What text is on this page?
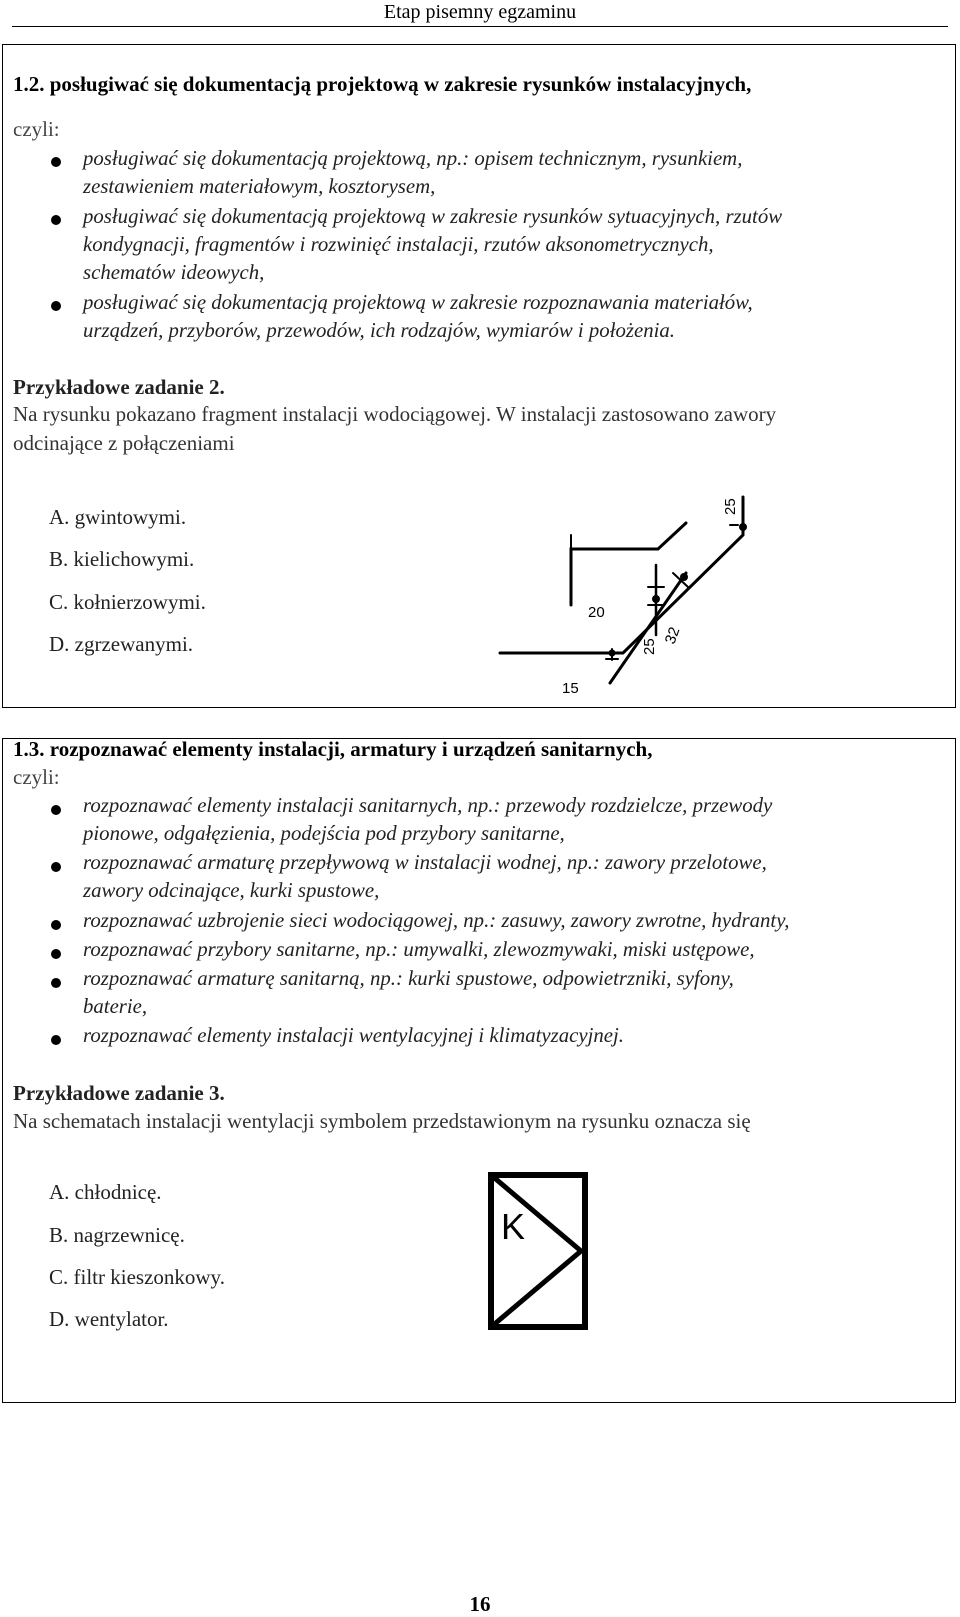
Etap pisemny egzaminu
1.2. posługiwać się dokumentacją projektową w zakresie rysunków instalacyjnych,
czyli:
posługiwać się dokumentacją projektową, np.: opisem technicznym, rysunkiem,
zestawieniem materiałowym, kosztorysem,
posługiwać się dokumentacją projektową w zakresie rysunków sytuacyjnych, rzutów
kondygnacji, fragmentów i rozwinięć instalacji, rzutów aksonometrycznych,
schematów ideowych,
posługiwać się dokumentacją projektową w zakresie rozpoznawania materiałów,
urządzeń, przyborów, przewodów, ich rodzajów, wymiarów i położenia.
Przykładowe zadanie 2.
Na rysunku pokazano fragment instalacji wodociągowej. W instalacji zastosowano zawory
odcinające z połączeniami
A. gwintowymi.
B. kielichowymi.
C. kołnierzowymi.
D. zgrzewanymi.
25
20
25
32
15
1.3. rozpoznawać elementy instalacji, armatury i urządzeń sanitarnych,
czyli:
rozpoznawać elementy instalacji sanitarnych, np.: przewody rozdzielcze, przewody
pionowe, odgałęzienia, podejścia pod przybory sanitarne,
rozpoznawać armaturę przepływową w instalacji wodnej, np.: zawory przelotowe,
zawory odcinające, kurki spustowe,
rozpoznawać uzbrojenie sieci wodociągowej, np.: zasuwy, zawory zwrotne, hydranty,
rozpoznawać przybory sanitarne, np.: umywalki, zlewozmywaki, miski ustępowe,
rozpoznawać armaturę sanitarną, np.: kurki spustowe, odpowietrzniki, syfony,
baterie,
rozpoznawać elementy instalacji wentylacyjnej i klimatyzacyjnej.
Przykładowe zadanie 3.
Na schematach instalacji wentylacji symbolem przedstawionym na rysunku oznacza się
A. chłodnicę.
B. nagrzewnicę.
C. filtr kieszonkowy.
D. wentylator.
K
16
